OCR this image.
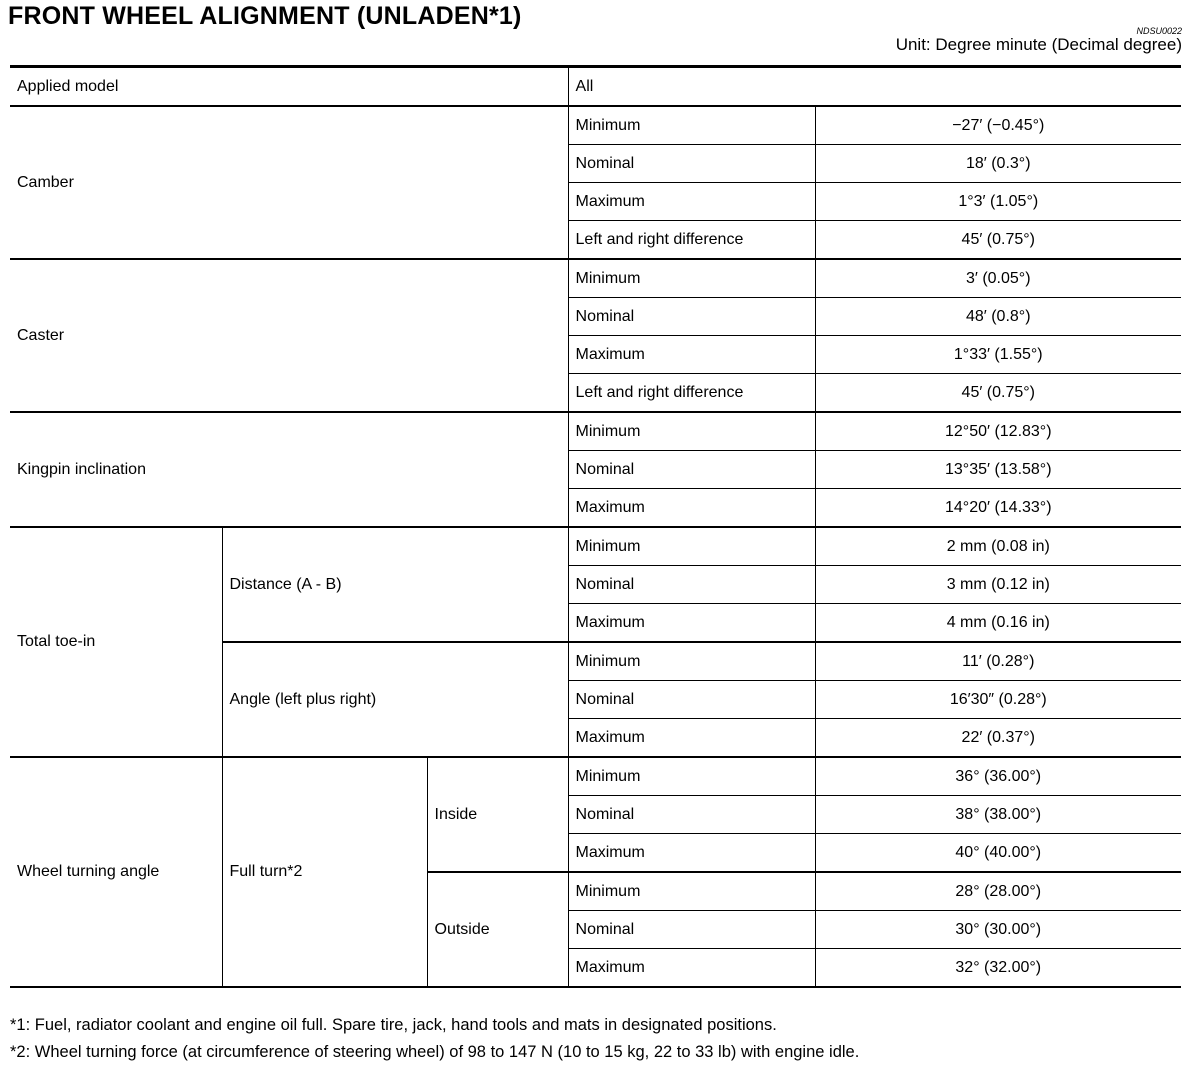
FRONT WHEEL ALIGNMENT (UNLADEN*1)
NDSU0022
Unit: Degree minute (Decimal degree)
Applied model			All	
Camber			Minimum	−27′ (−0.45°)
			Nominal	18′ (0.3°)
			Maximum	1°3′ (1.05°)
			Left and right difference	45′ (0.75°)
Caster			Minimum	3′ (0.05°)
			Nominal	48′ (0.8°)
			Maximum	1°33′ (1.55°)
			Left and right difference	45′ (0.75°)
Kingpin inclination			Minimum	12°50′ (12.83°)
			Nominal	13°35′ (13.58°)
			Maximum	14°20′ (14.33°)
Total toe-in	Distance (A - B)		Minimum	2 mm (0.08 in)
			Nominal	3 mm (0.12 in)
			Maximum	4 mm (0.16 in)
	Angle (left plus right)		Minimum	11′ (0.28°)
			Nominal	16′30″ (0.28°)
			Maximum	22′ (0.37°)
Wheel turning angle	Full turn*2	Inside	Minimum	36° (36.00°)
			Nominal	38° (38.00°)
			Maximum	40° (40.00°)
		Outside	Minimum	28° (28.00°)
			Nominal	30° (30.00°)
			Maximum	32° (32.00°)
*1: Fuel, radiator coolant and engine oil full. Spare tire, jack, hand tools and mats in designated positions.
*2: Wheel turning force (at circumference of steering wheel) of 98 to 147 N (10 to 15 kg, 22 to 33 lb) with engine idle.
